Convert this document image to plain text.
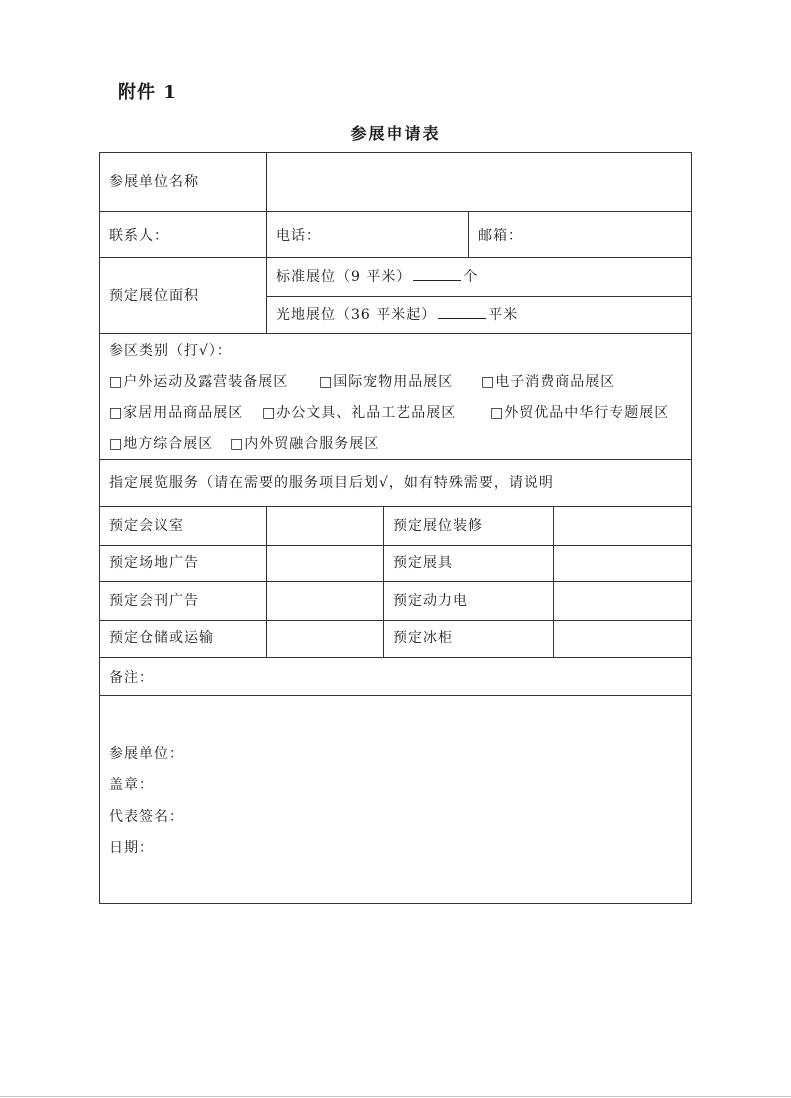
附件 1
参展申请表
参展单位名称
联系人：	电话：	邮箱：
预定展位面积
标准展位（9 平米）	个
光地展位（36 平米起）	平米
参区类别（打√）：
□户外运动及露营装备展区 □国际宠物用品展区 □电子消费商品展区
□家居用品商品展区 □办公文具、礼品工艺品展区 □外贸优品中华行专题展区
□地方综合展区 □内外贸融合服务展区
指定展览服务（请在需要的服务项目后划√，如有特殊需要，请说明
预定会议室	预定展位装修
预定场地广告	预定展具
预定会刊广告	预定动力电
预定仓储或运输	预定冰柜
备注：
参展单位：
盖章：
代表签名：
日期：
